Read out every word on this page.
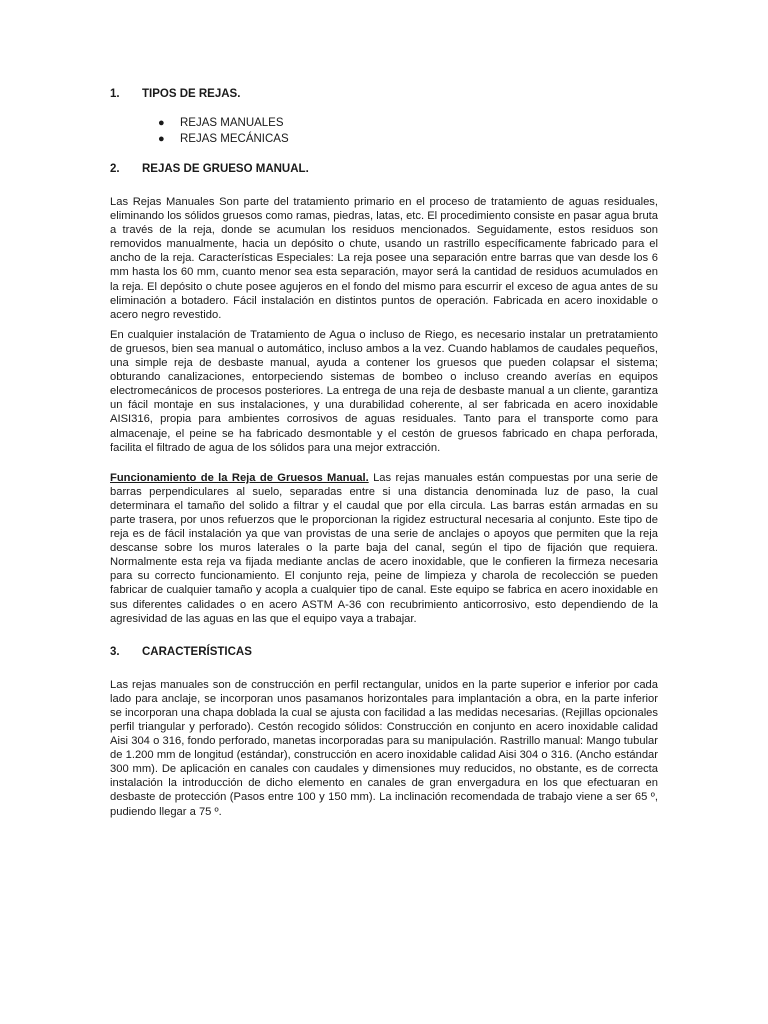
1.	TIPOS DE REJAS.
●	REJAS MANUALES
●	REJAS MECÁNICAS
2.	REJAS DE GRUESO MANUAL.

Las Rejas Manuales Son parte del tratamiento primario en el proceso de tratamiento de aguas residuales, eliminando los sólidos gruesos como ramas, piedras, latas, etc. El procedimiento consiste en pasar agua bruta a través de la reja, donde se acumulan los residuos mencionados. Seguidamente, estos residuos son removidos manualmente, hacia un depósito o chute, usando un rastrillo específicamente fabricado para el ancho de la reja. Características Especiales: La reja posee una separación entre barras que van desde los 6 mm hasta los 60 mm, cuanto menor sea esta separación, mayor será la cantidad de residuos acumulados en la reja. El depósito o chute posee agujeros en el fondo del mismo para escurrir el exceso de agua antes de su eliminación a botadero. Fácil instalación en distintos puntos de operación. Fabricada en acero inoxidable o acero negro revestido.

En cualquier instalación de Tratamiento de Agua o incluso de Riego, es necesario instalar un pretratamiento de gruesos, bien sea manual o automático, incluso ambos a la vez. Cuando hablamos de caudales pequeños, una simple reja de desbaste manual, ayuda a contener los gruesos que pueden colapsar el sistema; obturando canalizaciones, entorpeciendo sistemas de bombeo o incluso creando averías en equipos electromecánicos de procesos posteriores. La entrega de una reja de desbaste manual a un cliente, garantiza un fácil montaje en sus instalaciones, y una durabilidad coherente, al ser fabricada en acero inoxidable AISI316, propia para ambientes corrosivos de aguas residuales. Tanto para el transporte como para almacenaje, el peine se ha fabricado desmontable y el cestón de gruesos fabricado en chapa perforada, facilita el filtrado de agua de los sólidos para una mejor extracción.

Funcionamiento de la Reja de Gruesos Manual. Las rejas manuales están compuestas por una serie de barras perpendiculares al suelo, separadas entre si una distancia denominada luz de paso, la cual determinara el tamaño del solido a filtrar y el caudal que por ella circula. Las barras están armadas en su parte trasera, por unos refuerzos que le proporcionan la rigidez estructural necesaria al conjunto. Este tipo de reja es de fácil instalación ya que van provistas de una serie de anclajes o apoyos que permiten que la reja descanse sobre los muros laterales o la parte baja del canal, según el tipo de fijación que requiera. Normalmente esta reja va fijada mediante anclas de acero inoxidable, que le confieren la firmeza necesaria para su correcto funcionamiento. El conjunto reja, peine de limpieza y charola de recolección se pueden fabricar de cualquier tamaño y acopla a cualquier tipo de canal. Este equipo se fabrica en acero inoxidable en sus diferentes calidades o en acero ASTM A-36 con recubrimiento anticorrosivo, esto dependiendo de la agresividad de las aguas en las que el equipo vaya a trabajar.

3.	CARACTERÍSTICAS

Las rejas manuales son de construcción en perfil rectangular, unidos en la parte superior e inferior por cada lado para anclaje, se incorporan unos pasamanos horizontales para implantación a obra, en la parte inferior se incorporan una chapa doblada la cual se ajusta con facilidad a las medidas necesarias. (Rejillas opcionales perfil triangular y perforado). Cestón recogido sólidos: Construcción en conjunto en acero inoxidable calidad Aisi 304 o 316, fondo perforado, manetas incorporadas para su manipulación. Rastrillo manual: Mango tubular de 1.200 mm de longitud (estándar), construcción en acero inoxidable calidad Aisi 304 o 316. (Ancho estándar 300 mm). De aplicación en canales con caudales y dimensiones muy reducidos, no obstante, es de correcta instalación la introducción de dicho elemento en canales de gran envergadura en los que efectuaran en desbaste de protección (Pasos entre 100 y 150 mm). La inclinación recomendada de trabajo viene a ser 65 º, pudiendo llegar a 75 º.
